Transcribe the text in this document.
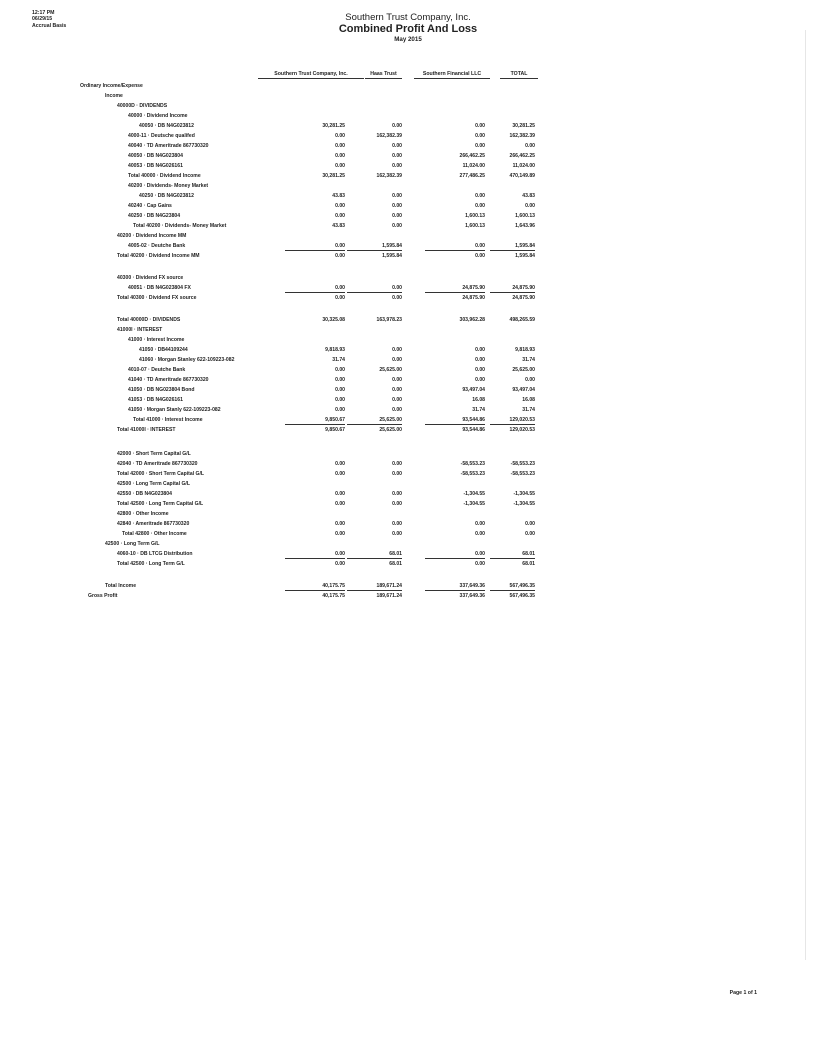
12:17 PM
06/29/15
Accrual Basis
Southern Trust Company, Inc.
Combined Profit And Loss
May 2015
Southern Trust Company, Inc.	Haas Trust	Southern Financial LLC	TOTAL
Ordinary Income/Expense
Income
40000D · DIVIDENDS
40000 · Dividend Income
40050 · DB N4G023812	30,281.25	0.00	0.00	30,281.25
4000-11 · Deutsche qualifed	0.00	162,382.39	0.00	162,382.39
40040 · TD Ameritrade 867730320	0.00	0.00	0.00	0.00
40050 · DB N4G023804	0.00	0.00	266,462.25	266,462.25
40053 · DB N4G026161	0.00	0.00	11,024.00	11,024.00
Total 40000 · Dividend Income	30,281.25	162,382.39	277,486.25	470,149.89
40200 · Dividends- Money Market
40250 · DB N4G023812	43.83	0.00	0.00	43.83
40240 · Cap Gains	0.00	0.00	0.00	0.00
40250 · DB N4G23804	0.00	0.00	1,600.13	1,600.13
Total 40200 · Dividends- Money Market	43.83	0.00	1,600.13	1,643.96
40200 · Dividend Income MM
4005-02 · Deutche Bank	0.00	1,595.84	0.00	1,595.84
Total 40200 · Dividend Income MM	0.00	1,595.84	0.00	1,595.84
40300 · Dividend FX source
40051 · DB N4G023804 FX	0.00	0.00	24,875.90	24,875.90
Total 40300 · Dividend FX source	0.00	0.00	24,875.90	24,875.90
Total 40000D · DIVIDENDS	30,325.08	163,978.23	303,962.28	498,265.59
41000I · INTEREST
41000 · Interest Income
41050 · DB44109244	9,818.93	0.00	0.00	9,818.93
41060 · Morgan Stanley 622-109223-082	31.74	0.00	0.00	31.74
4010-07 · Deutche Bank	0.00	25,625.00	0.00	25,625.00
41040 · TD Ameritrade 867730320	0.00	0.00	0.00	0.00
41050 · DB NG023804 Bond	0.00	0.00	93,497.04	93,497.04
41053 · DB N4G026161	0.00	0.00	16.08	16.08
41050 · Morgan Stanly 622-109223-082	0.00	0.00	31.74	31.74
Total 41000 · Interest Income	9,850.67	25,625.00	93,544.86	129,020.53
Total 41000I · INTEREST	9,850.67	25,625.00	93,544.86	129,020.53
42000 · Short Term Capital G/L
42040 · TD Ameritrade 867730320	0.00	0.00	-58,553.23	-58,553.23
Total 42000 · Short Term Capital G/L	0.00	0.00	-58,553.23	-58,553.23
42500 · Long Term Capital G/L
42550 · DB N4G023804	0.00	0.00	-1,304.55	-1,304.55
Total 42500 · Long Term Capital G/L	0.00	0.00	-1,304.55	-1,304.55
42800 · Other Income
42840 · Ameritrade 867730320	0.00	0.00	0.00	0.00
Total 42800 · Other Income	0.00	0.00	0.00	0.00
42500 · Long Term G/L
4060-10 · DB LTCG Distribution	0.00	68.01	0.00	68.01
Total 42500 · Long Term G/L	0.00	68.01	0.00	68.01
Total Income	40,175.75	189,671.24	337,649.36	567,496.35
Gross Profit	40,175.75	189,671.24	337,649.36	567,496.35
Page 1 of 1
